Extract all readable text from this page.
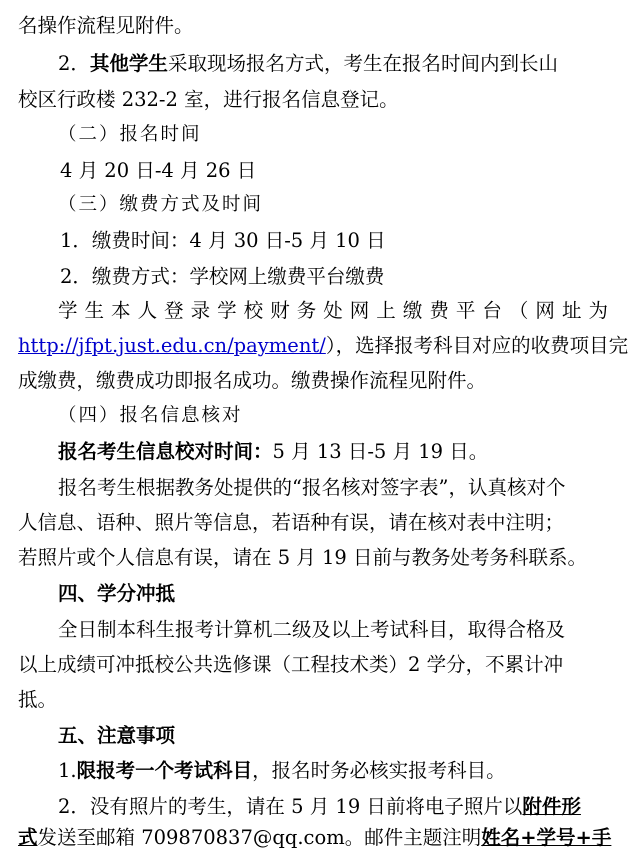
名操作流程见附件。
2．其他学生采取现场报名方式，考生在报名时间内到长山
校区行政楼 232-2 室，进行报名信息登记。
（二）报名时间
4 月 20 日-4 月 26 日
（三）缴费方式及时间
1．缴费时间：4 月 30 日-5 月 10 日
2．缴费方式：学校网上缴费平台缴费
学 生 本 人 登 录 学 校 财 务 处 网 上 缴 费 平 台 （ 网 址 为
http://jfpt.just.edu.cn/payment/），选择报考科目对应的收费项目完
成缴费，缴费成功即报名成功。缴费操作流程见附件。
（四）报名信息核对
报名考生信息校对时间：5 月 13 日-5 月 19 日。
报名考生根据教务处提供的“报名核对签字表”，认真核对个
人信息、语种、照片等信息，若语种有误，请在核对表中注明；
若照片或个人信息有误，请在 5 月 19 日前与教务处考务科联系。
四、学分冲抵
全日制本科生报考计算机二级及以上考试科目，取得合格及
以上成绩可冲抵校公共选修课（工程技术类）2 学分，不累计冲
抵。
五、注意事项
1.限报考一个考试科目，报名时务必核实报考科目。
2．没有照片的考生，请在 5 月 19 日前将电子照片以附件形
式发送至邮箱 709870837@qq.com。邮件主题注明姓名+学号+手
